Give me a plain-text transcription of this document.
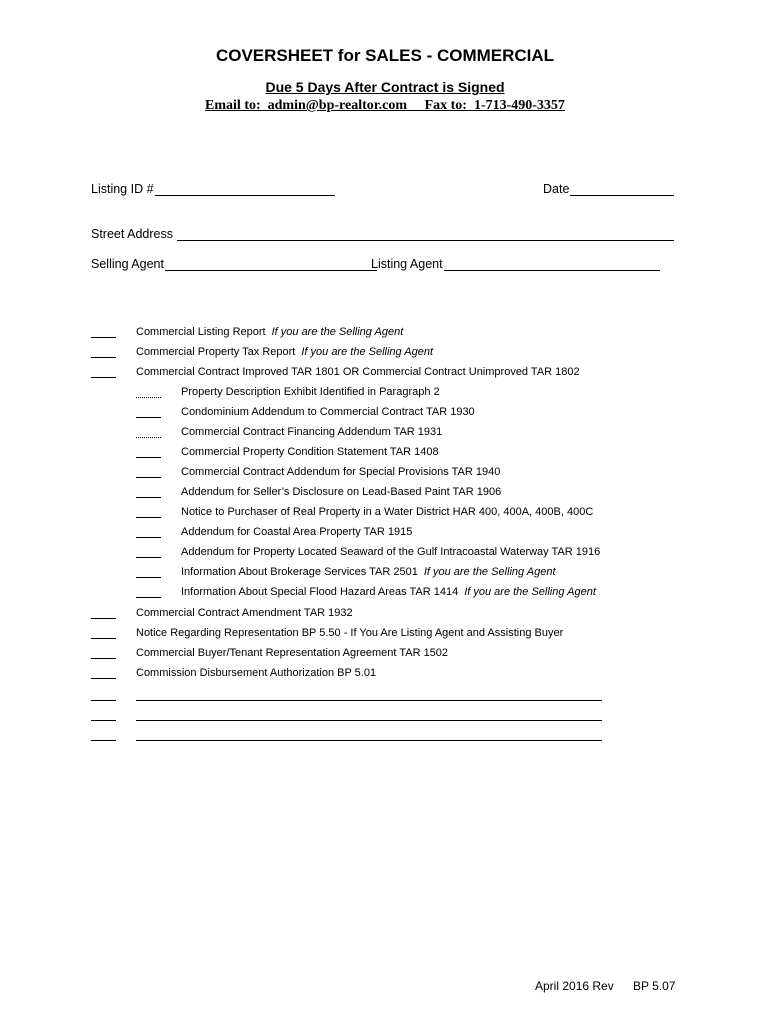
COVERSHEET for SALES - COMMERCIAL
Due 5 Days After Contract is Signed
Email to:  admin@bp-realtor.com     Fax to:  1-713-490-3357
Listing ID #	Date
Street Address
Selling Agent	Listing Agent
Commercial Listing Report If you are the Selling Agent
Commercial Property Tax Report If you are the Selling Agent
Commercial Contract Improved TAR 1801 OR Commercial Contract Unimproved TAR 1802
Property Description Exhibit Identified in Paragraph 2
Condominium Addendum to Commercial Contract TAR 1930
Commercial Contract Financing Addendum TAR 1931
Commercial Property Condition Statement TAR 1408
Commercial Contract Addendum for Special Provisions TAR 1940
Addendum for Seller’s Disclosure on Lead-Based Paint TAR 1906
Notice to Purchaser of Real Property in a Water District HAR 400, 400A, 400B, 400C
Addendum for Coastal Area Property TAR 1915
Addendum for Property Located Seaward of the Gulf Intracoastal Waterway TAR 1916
Information About Brokerage Services TAR 2501 If you are the Selling Agent
Information About Special Flood Hazard Areas TAR 1414 If you are the Selling Agent
Commercial Contract Amendment TAR 1932
Notice Regarding Representation BP 5.50 - If You Are Listing Agent and Assisting Buyer
Commercial Buyer/Tenant Representation Agreement TAR 1502
Commission Disbursement Authorization BP 5.01
April 2016 Rev BP 5.07
